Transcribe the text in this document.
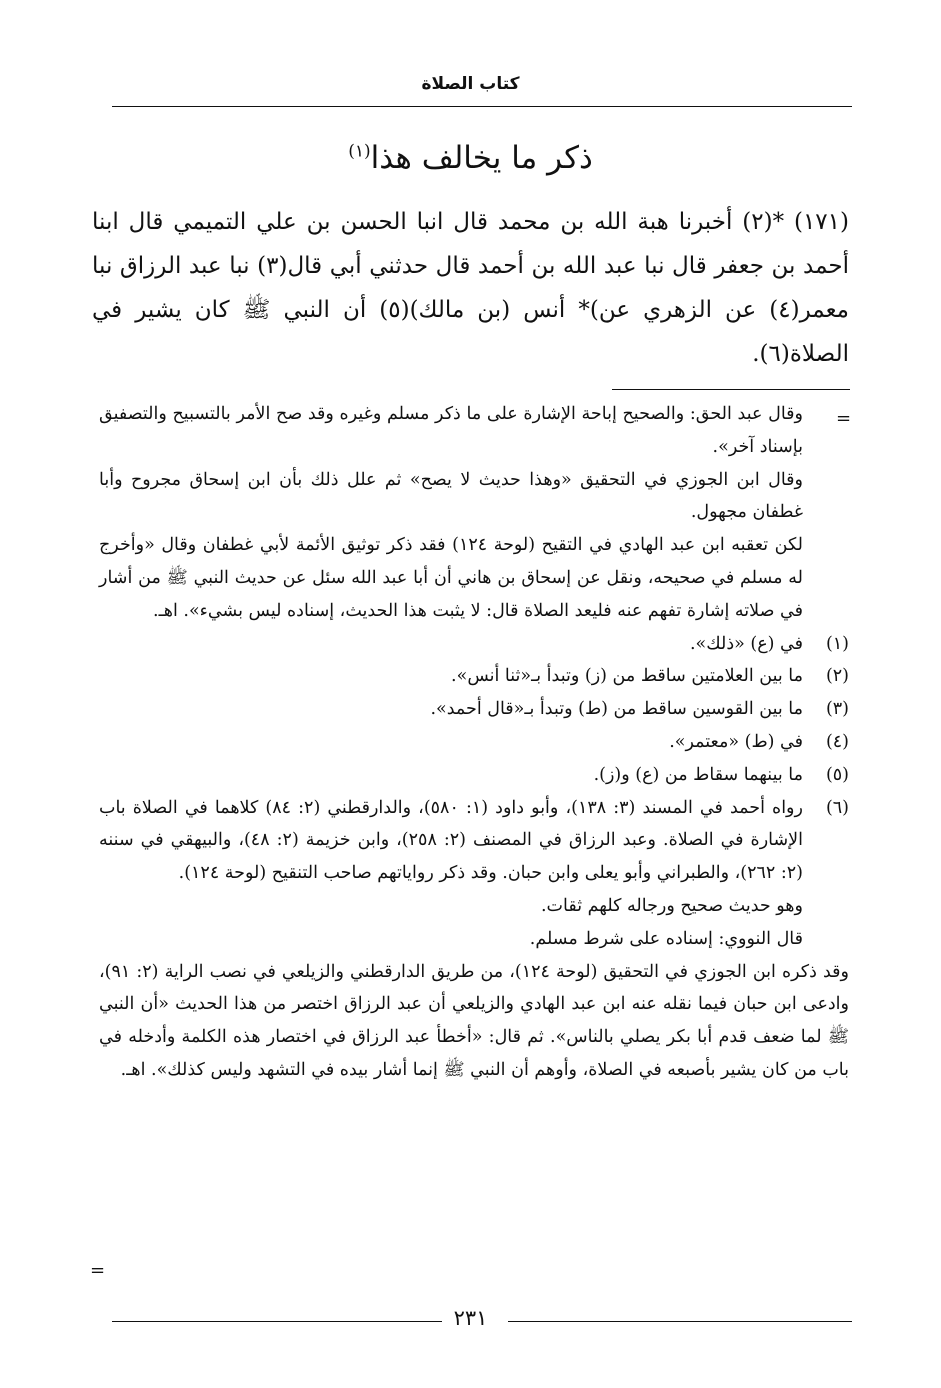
كتاب الصلاة
ذكر ما يخالف هذا$^{(١)}$

(١٧١) *(٢) أخبرنا هبة الله بن محمد قال انبا الحسن بن علي التميمي قال ابنا أحمد بن جعفر قال نبا عبد الله بن أحمد قال حدثني أبي قال(٣) نبا عبد الرزاق نبا معمر(٤) عن الزهري عن)* أنس (بن مالك)(٥) أن النبي ﷺ كان يشير في الصلاة(٦).

=

وقال عبد الحق: والصحيح إباحة الإشارة على ما ذكر مسلم وغيره وقد صح الأمر بالتسبيح والتصفيق بإسناد آخر».

وقال ابن الجوزي في التحقيق «وهذا حديث لا يصح» ثم علل ذلك بأن ابن إسحاق مجروح وأبا غطفان مجهول.

لكن تعقبه ابن عبد الهادي في التقيح (لوحة ١٢٤) فقد ذكر توثيق الأئمة لأبي غطفان وقال «وأخرج له مسلم في صحيحه، ونقل عن إسحاق بن هاني أن أبا عبد الله سئل عن حديث النبي ﷺ من أشار في صلاته إشارة تفهم عنه فليعد الصلاة قال: لا يثبت هذا الحديث، إسناده ليس بشيء». اهـ.

(١)
في (ع) «ذلك».
(٢)
ما بين العلامتين ساقط من (ز) وتبدأ بـ«ثنا أنس».
(٣)
ما بين القوسين ساقط من (ط) وتبدأ بـ«قال أحمد».
(٤)
في (ط) «معتمر».
(٥)
ما بينهما سقاط من (ع) و(ز).
(٦)

رواه أحمد في المسند (٣: ١٣٨)، وأبو داود (١: ٥٨٠)، والدارقطني (٢: ٨٤) كلاهما في الصلاة باب الإشارة في الصلاة. وعبد الرزاق في المصنف (٢: ٢٥٨)، وابن خزيمة (٢: ٤٨)، والبيهقي في سننه (٢: ٢٦٢)، والطبراني وأبو يعلى وابن حبان. وقد ذكر رواياتهم صاحب التنقيح (لوحة ١٢٤).

وهو حديث صحيح ورجاله كلهم ثقات.

قال النووي: إسناده على شرط مسلم.

وقد ذكره ابن الجوزي في التحقيق (لوحة ١٢٤)، من طريق الدارقطني والزيلعي في نصب الراية (٢: ٩١)، وادعى ابن حبان فيما نقله عنه ابن عبد الهادي والزيلعي أن عبد الرزاق اختصر من هذا الحديث «أن النبي ﷺ لما ضعف قدم أبا بكر يصلي بالناس». ثم قال: «أخطأ عبد الرزاق في اختصار هذه الكلمة وأدخله في باب من كان يشير بأصبعه في الصلاة، وأوهم أن النبي ﷺ إنما أشار بيده في التشهد وليس كذلك». اهـ.

=
٢٣١
